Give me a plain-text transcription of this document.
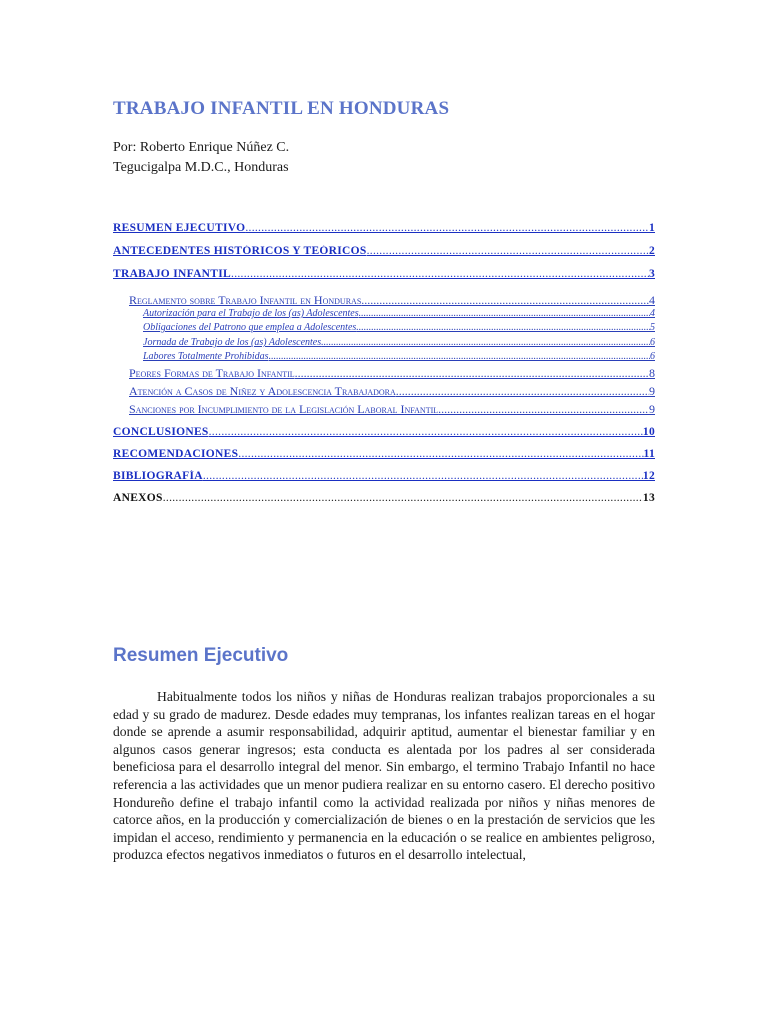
TRABAJO INFANTIL EN HONDURAS
Por: Roberto Enrique Núñez C.
Tegucigalpa M.D.C., Honduras
RESUMEN EJECUTIVO .....	1
ANTECEDENTES HISTÓRICOS Y TEÓRICOS .....	2
TRABAJO INFANTIL .....	3
Reglamento sobre Trabajo Infantil en Honduras .....	4
Autorización para el Trabajo de los (as) Adolescentes .....	4
Obligaciones del Patrono que emplea a Adolescentes .....	5
Jornada de Trabajo de los (as) Adolescentes .....	6
Labores Totalmente Prohibidas .....	6
Peores Formas de Trabajo Infantil .....	8
Atención a Casos de Niñez y Adolescencia Trabajadora .....	9
Sanciones por Incumplimiento de la Legislación Laboral Infantil .....	9
CONCLUSIONES .....	10
RECOMENDACIONES .....	11
BIBLIOGRAFÍA .....	12
ANEXOS .....	13
Resumen Ejecutivo

Habitualmente todos los niños y niñas de Honduras realizan trabajos proporcionales a su edad y su grado de madurez. Desde edades muy tempranas, los infantes realizan tareas en el hogar donde se aprende a asumir responsabilidad, adquirir aptitud, aumentar el bienestar familiar y en algunos casos generar ingresos; esta conducta es alentada por los padres al ser considerada beneficiosa para el desarrollo integral del menor. Sin embargo, el termino Trabajo Infantil no hace referencia a las actividades que un menor pudiera realizar en su entorno casero. El derecho positivo Hondureño define el trabajo infantil como la actividad realizada por niños y niñas menores de catorce años, en la producción y comercialización de bienes o en la prestación de servicios que les impidan el acceso, rendimiento y permanencia en la educación o se realice en ambientes peligroso, produzca efectos negativos inmediatos o futuros en el desarrollo intelectual,
